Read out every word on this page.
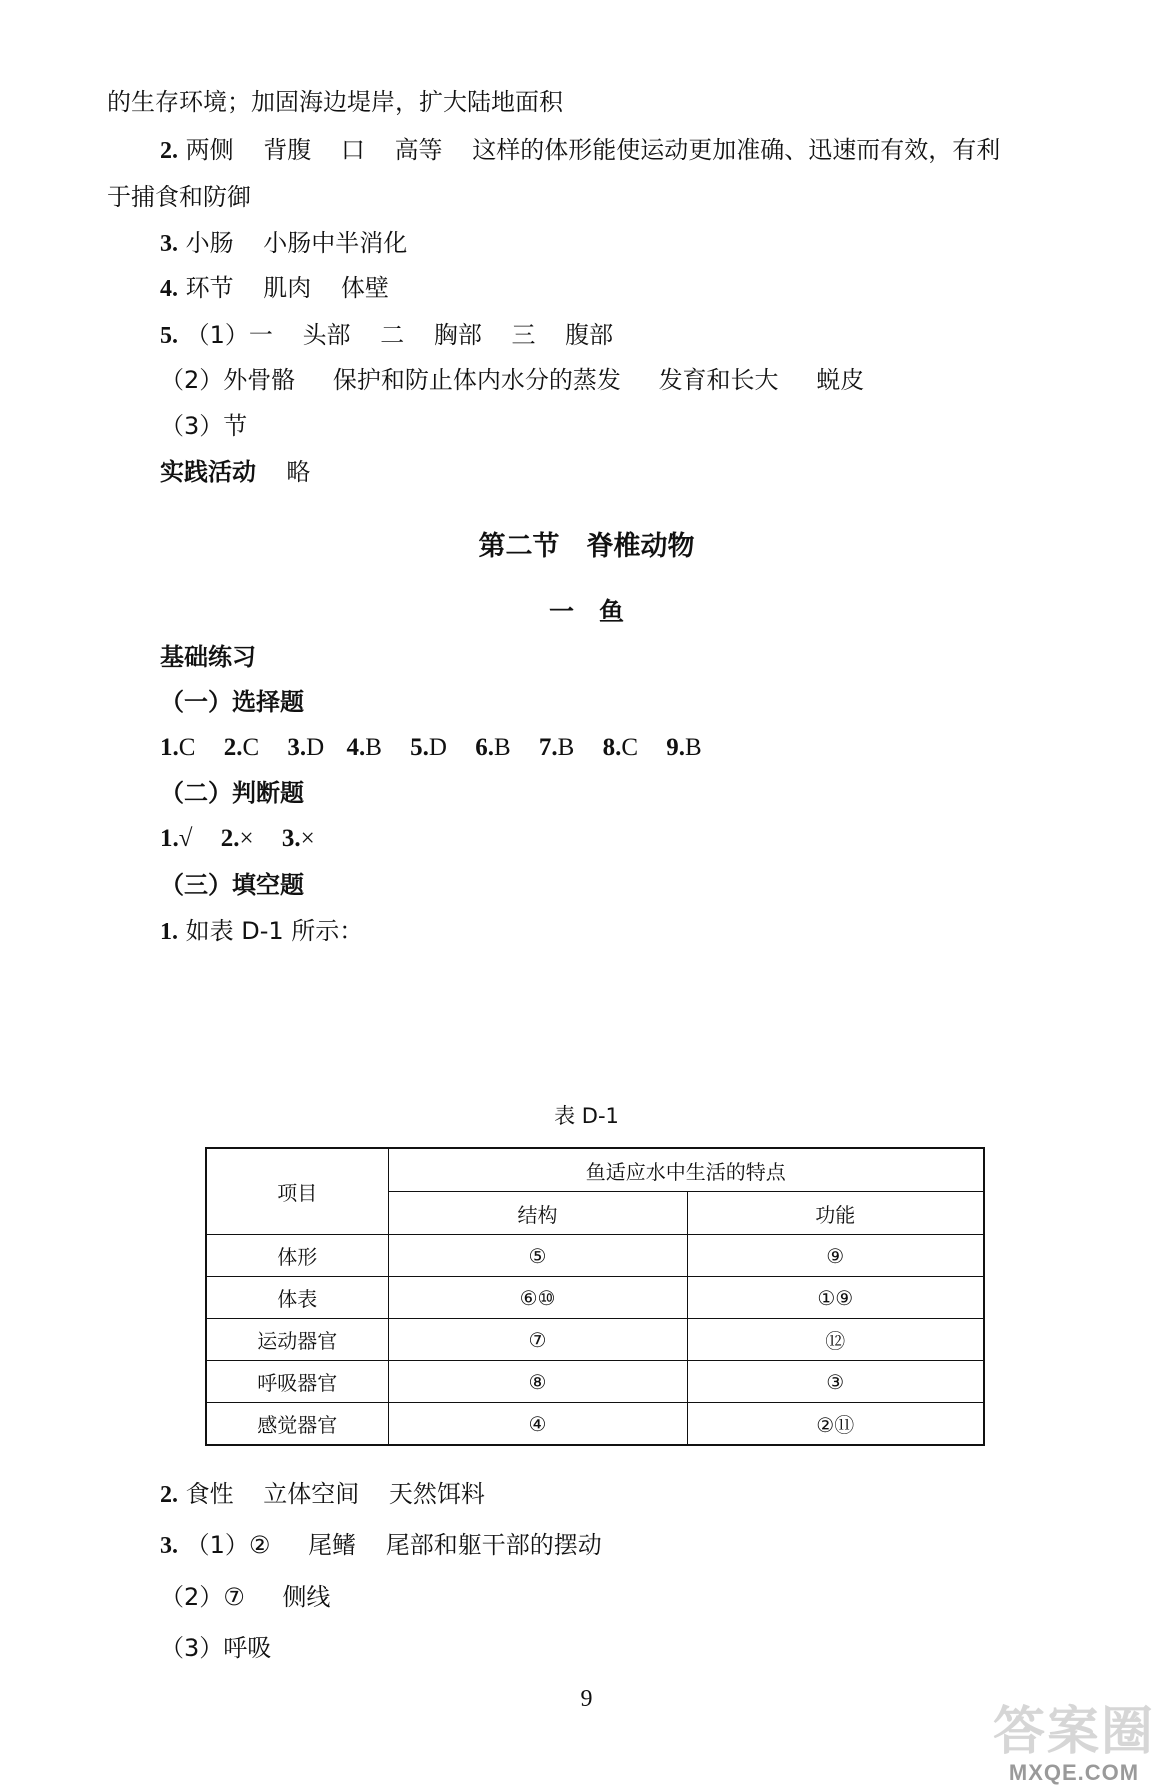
的生存环境；加固海边堤岸，扩大陆地面积
2. 两侧 背腹 口 高等 这样的体形能使运动更加准确、迅速而有效，有利
于捕食和防御
3. 小肠 小肠中半消化
4. 环节 肌肉 体壁
5. （1）一 头部 二 胸部 三 腹部
（2）外骨骼 保护和防止体内水分的蒸发 发育和长大 蜕皮
（3）节
实践活动 略
第二节　脊椎动物
一　鱼
基础练习
（一）选择题
1.C 2.C 3.D 4.B 5.D 6.B 7.B 8.C 9.B
（二）判断题
1.√ 2.× 3.×
（三）填空题
1. 如表 D-1 所示：
表 D-1
项目	鱼适应水中生活的特点	
	结构	功能
体形	⑤	⑨
体表	⑥⑩	①⑨
运动器官	⑦	⑫
呼吸器官	⑧	③
感觉器官	④	②⑪
2. 食性 立体空间 天然饵料
3. （1）② 尾鳍 尾部和躯干部的摆动
（2）⑦ 侧线
（3）呼吸
9
答案圈
MXQE.COM
